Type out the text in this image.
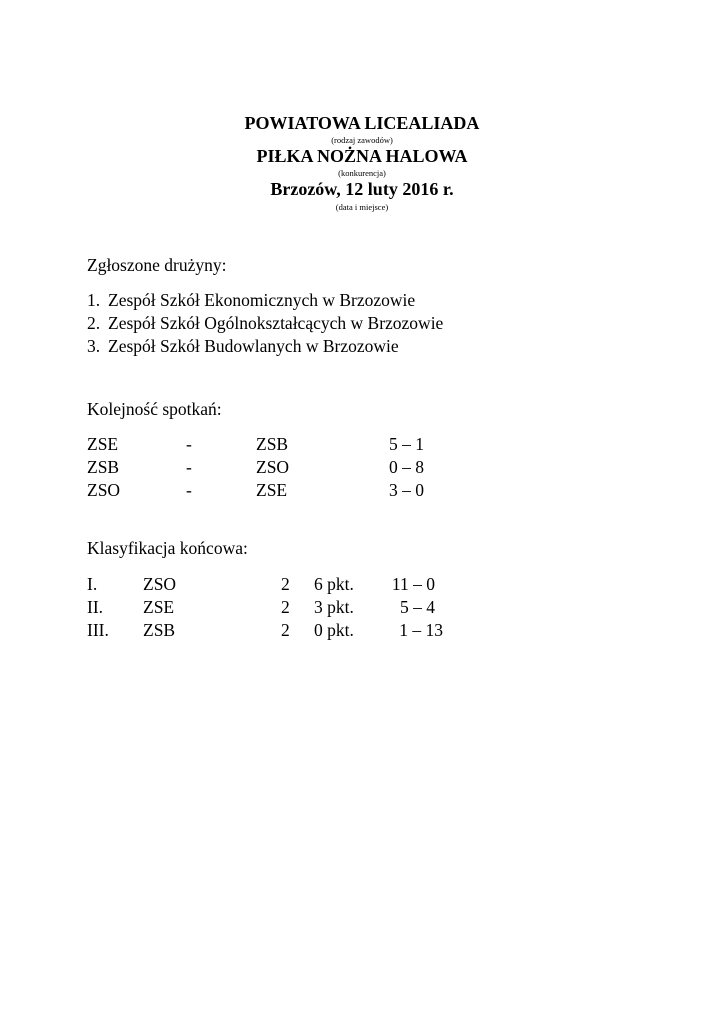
POWIATOWA LICEALIADA
(rodzaj zawodów)
PIŁKA NOŻNA HALOWA
(konkurencja)
Brzozów, 12 luty 2016 r.
(data i miejsce)
Zgłoszone drużyny:
1. Zespół Szkół Ekonomicznych w Brzozowie
2. Zespół Szkół Ogólnokształcących w Brzozowie
3. Zespół Szkół Budowlanych w Brzozowie
Kolejność spotkań:
ZSE	-	ZSB	5 – 1
ZSB	-	ZSO	0 – 8
ZSO	-	ZSE	3 – 0
Klasyfikacja końcowa:
I.	ZSO	2 6 pkt.	11 – 0
II. ZSE	2 3 pkt.	5 – 4
III. ZSB	2 0 pkt.	1 – 13
